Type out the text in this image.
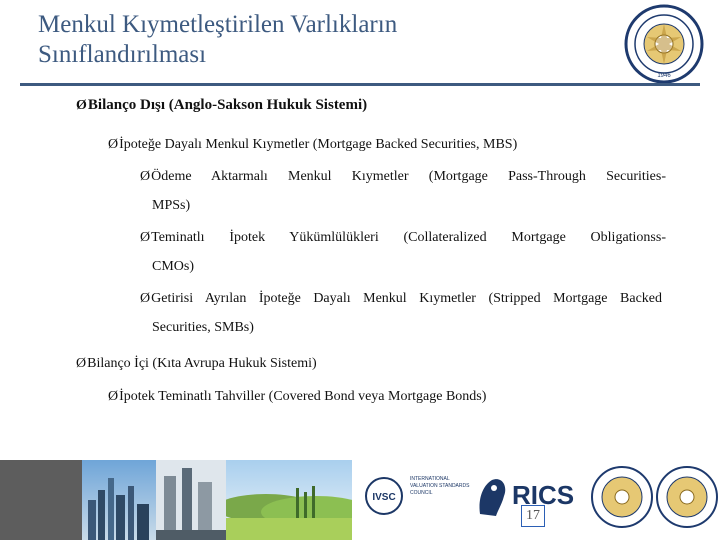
Menkul Kıymetleştirilen Varlıkların
Sınıflandırılması
1946
ØBilanço Dışı (Anglo-Sakson Hukuk Sistemi)
Øİpoteğe Dayalı Menkul Kıymetler (Mortgage Backed Securities, MBS)
ØÖdeme Aktarmalı Menkul Kıymetler (Mortgage Pass-Through Securities-
MPSs)
ØTeminatlı İpotek Yükümlülükleri (Collateralized Mortgage Obligationss-
CMOs)
ØGetirisi Ayrılan İpoteğe Dayalı Menkul Kıymetler (Stripped Mortgage Backed
Securities, SMBs)
ØBilanço İçi (Kıta Avrupa Hukuk Sistemi)
Øİpotek Teminatlı Tahviller (Covered Bond veya Mortgage Bonds)
IVSC
INTERNATIONAL VALUATION STANDARDS COUNCIL	RICS
17
